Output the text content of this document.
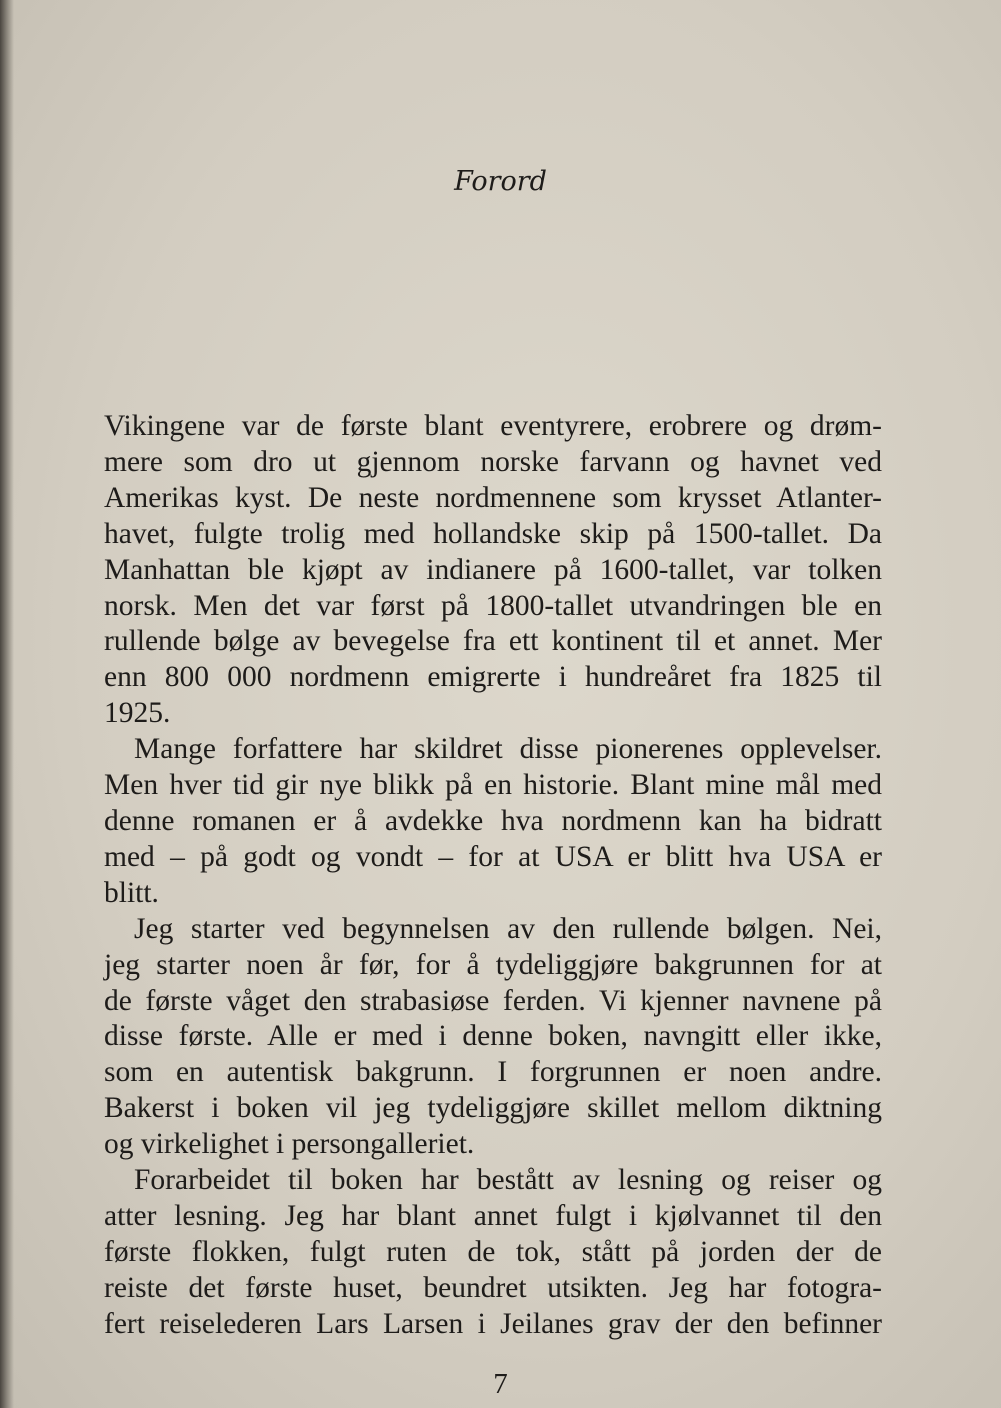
Forord

Vikingene var de første blant eventyrere, erobrere og drøm-
mere som dro ut gjennom norske farvann og havnet ved
Amerikas kyst. De neste nordmennene som krysset Atlanter-
havet, fulgte trolig med hollandske skip på 1500-tallet. Da
Manhattan ble kjøpt av indianere på 1600-tallet, var tolken
norsk. Men det var først på 1800-tallet utvandringen ble en
rullende bølge av bevegelse fra ett kontinent til et annet. Mer
enn 800 000 nordmenn emigrerte i hundreåret fra 1825 til
1925.

Mange forfattere har skildret disse pionerenes opplevelser.
Men hver tid gir nye blikk på en historie. Blant mine mål med
denne romanen er å avdekke hva nordmenn kan ha bidratt
med – på godt og vondt – for at USA er blitt hva USA er
blitt.

Jeg starter ved begynnelsen av den rullende bølgen. Nei,
jeg starter noen år før, for å tydeliggjøre bakgrunnen for at
de første våget den strabasiøse ferden. Vi kjenner navnene på
disse første. Alle er med i denne boken, navngitt eller ikke,
som en autentisk bakgrunn. I forgrunnen er noen andre.
Bakerst i boken vil jeg tydeliggjøre skillet mellom diktning
og virkelighet i persongalleriet.

Forarbeidet til boken har bestått av lesning og reiser og
atter lesning. Jeg har blant annet fulgt i kjølvannet til den
første flokken, fulgt ruten de tok, stått på jorden der de
reiste det første huset, beundret utsikten. Jeg har fotogra-
fert reiselederen Lars Larsen i Jeilanes grav der den befinner

7
